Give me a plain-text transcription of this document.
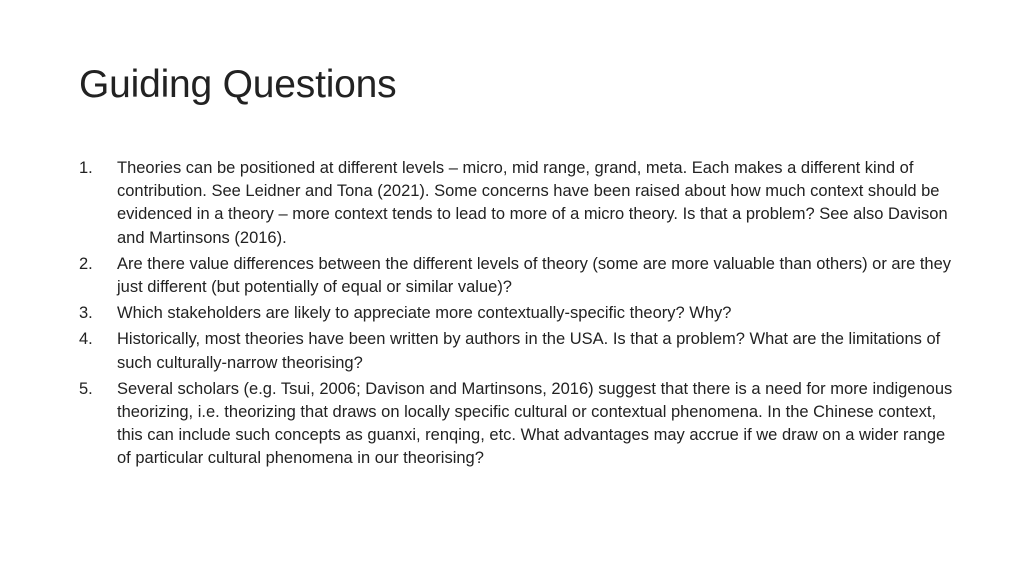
Guiding Questions
1.	Theories can be positioned at different levels – micro, mid range, grand, meta. Each makes a different kind of contribution. See Leidner and Tona (2021). Some concerns have been raised about how much context should be evidenced in a theory – more context tends to lead to more of a micro theory. Is that a problem? See also Davison and Martinsons (2016).
2.	Are there value differences between the different levels of theory (some are more valuable than others) or are they just different (but potentially of equal or similar value)?
3.	Which stakeholders are likely to appreciate more contextually-specific theory? Why?
4.	Historically, most theories have been written by authors in the USA. Is that a problem? What are the limitations of such culturally-narrow theorising?
5.	Several scholars (e.g. Tsui, 2006; Davison and Martinsons, 2016) suggest that there is a need for more indigenous theorizing, i.e. theorizing that draws on locally specific cultural or contextual phenomena. In the Chinese context, this can include such concepts as guanxi, renqing, etc. What advantages may accrue if we draw on a wider range of particular cultural phenomena in our theorising?
